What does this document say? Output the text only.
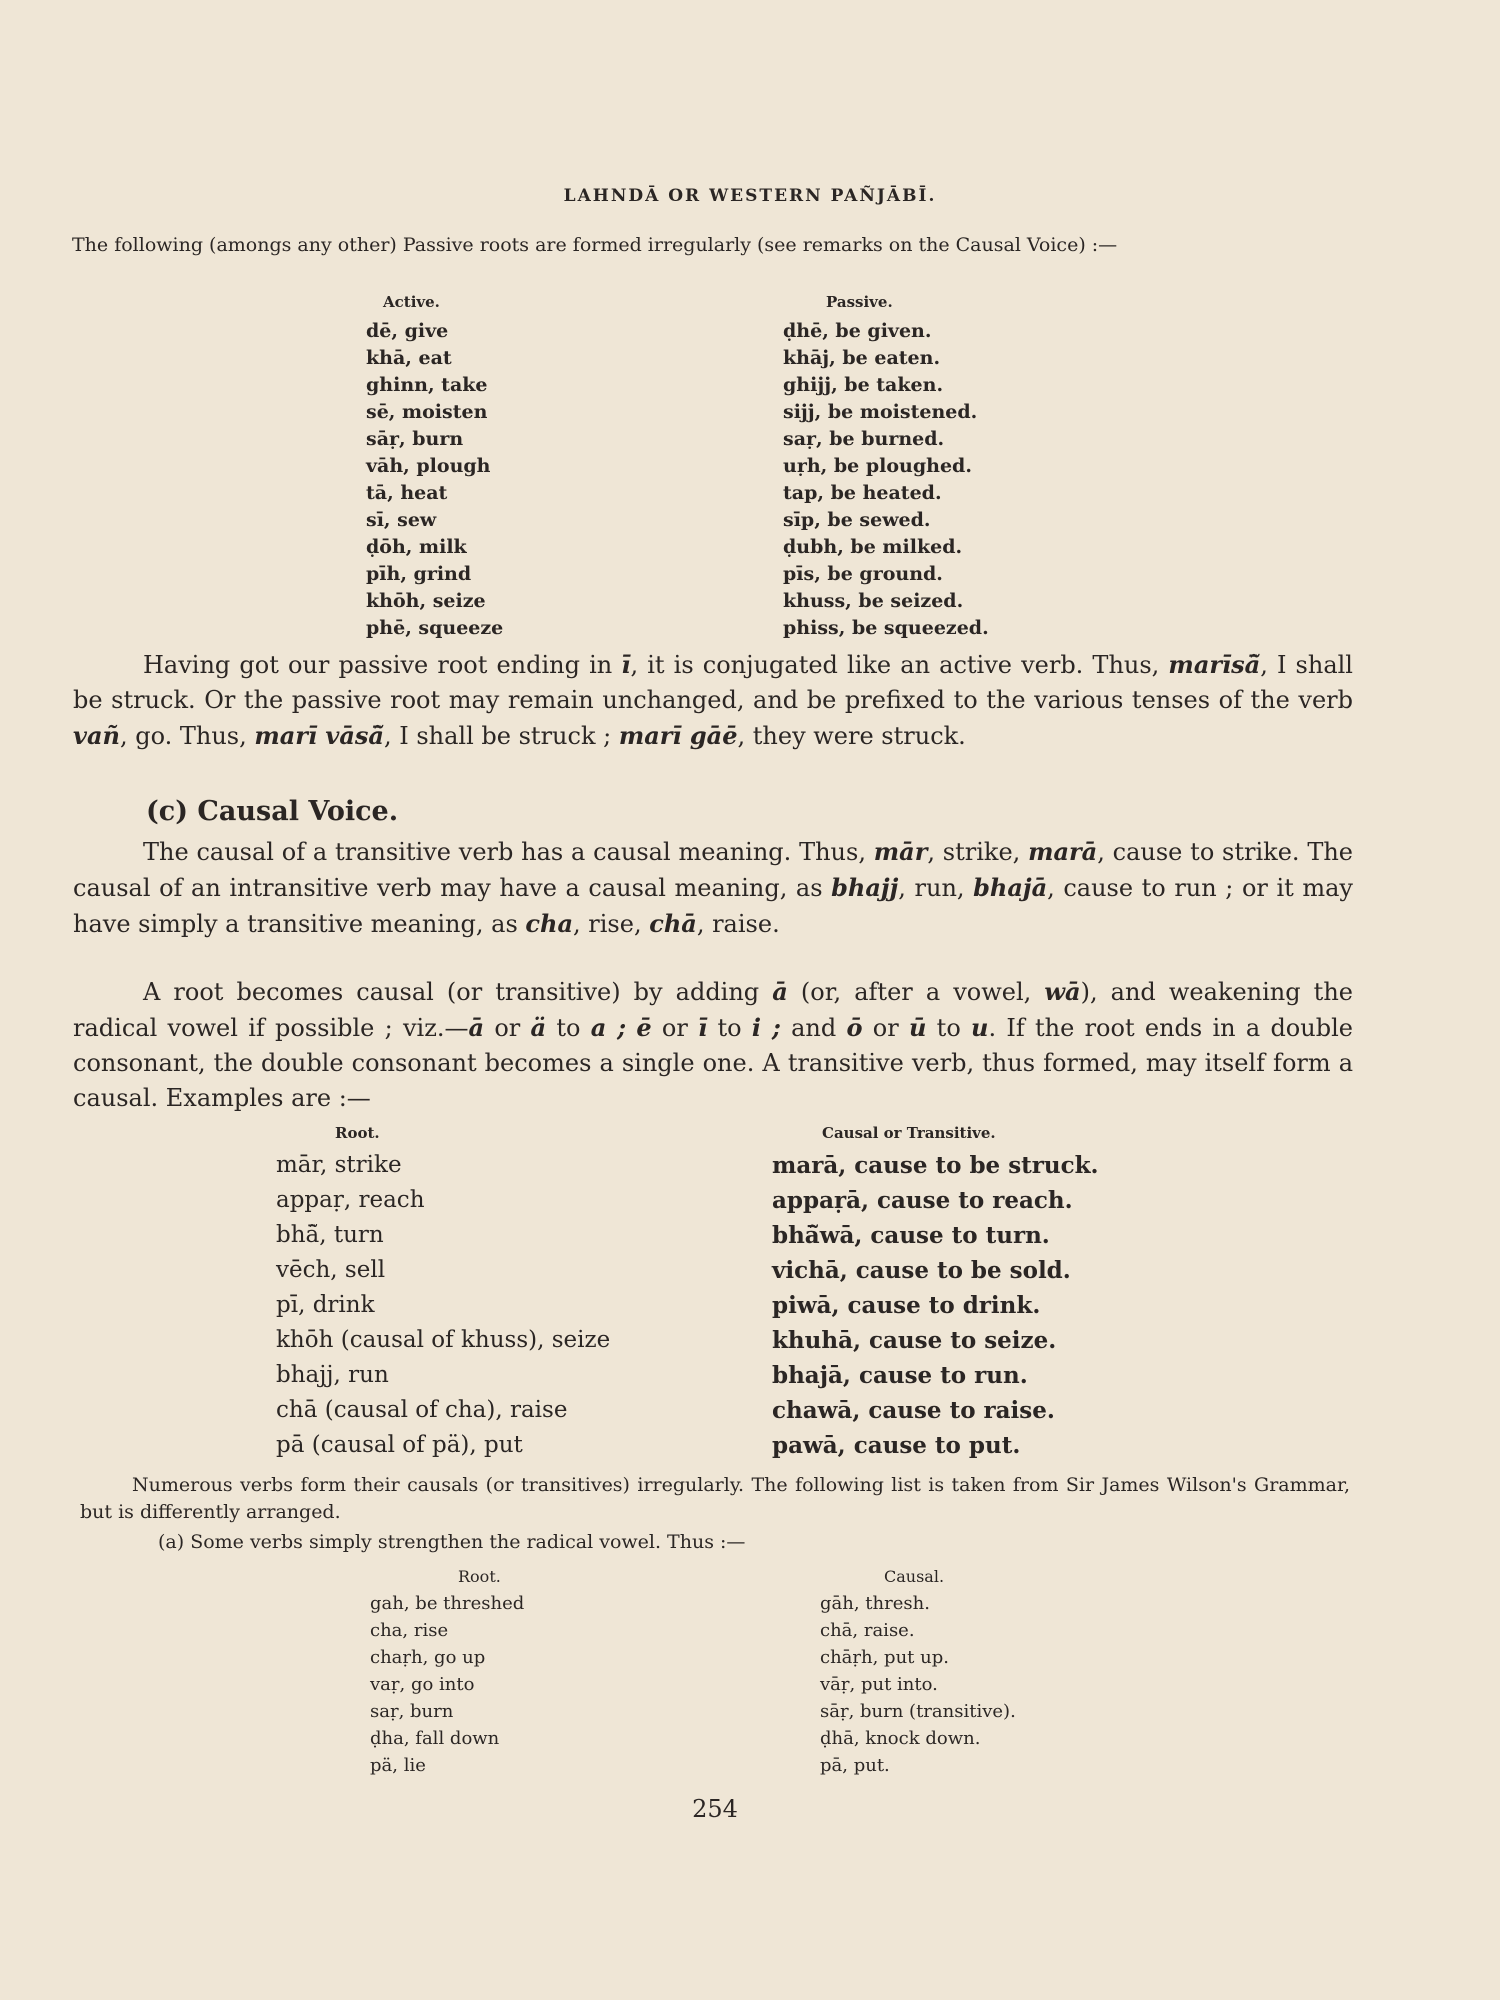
LAHNDĀ OR WESTERN PAÑJĀBĪ.
The following (amongs any other) Passive roots are formed irregularly (see remarks on the Causal Voice) :—
Active.	Passive.
dē, give	ḍhē, be given.
khā, eat	khāj, be eaten.
ghinn, take	ghijj, be taken.
sē, moisten	sijj, be moistened.
sāṛ, burn	saṛ, be burned.
vāh, plough	uṛh, be ploughed.
tā, heat	tap, be heated.
sī, sew	sīp, be sewed.
ḍōh, milk	ḍubh, be milked.
pīh, grind	pīs, be ground.
khōh, seize	khuss, be seized.
phē, squeeze	phiss, be squeezed.
Having got our passive root ending in ī, it is conjugated like an active verb. Thus, marīsā̃, I shall be struck. Or the passive root may remain unchanged, and be prefixed to the various tenses of the verb vañ, go. Thus, marī vāsā̃, I shall be struck ; marī gāē, they were struck.
(c) Causal Voice.
The causal of a transitive verb has a causal meaning. Thus, mār, strike, marā, cause to strike. The causal of an intransitive verb may have a causal meaning, as bhajj, run, bhajā, cause to run ; or it may have simply a transitive meaning, as cha, rise, chā, raise.
A root becomes causal (or transitive) by adding ā (or, after a vowel, wā), and weakening the radical vowel if possible ; viz.—ā or ä to a ; ē or ī to i ; and ō or ū to u. If the root ends in a double consonant, the double consonant becomes a single one. A transitive verb, thus formed, may itself form a causal. Examples are :—
Root.	Causal or Transitive.
mār, strike	marā, cause to be struck.
appaṛ, reach	appaṛā, cause to reach.
bhā̃, turn	bhā̃wā, cause to turn.
vēch, sell	vichā, cause to be sold.
pī, drink	piwā, cause to drink.
khōh (causal of khuss), seize	khuhā, cause to seize.
bhajj, run	bhajā, cause to run.
chā (causal of cha), raise	chawā, cause to raise.
pā (causal of pä), put	pawā, cause to put.
Numerous verbs form their causals (or transitives) irregularly. The following list is taken from Sir James Wilson's Grammar, but is differently arranged.
(a) Some verbs simply strengthen the radical vowel. Thus :—
Root.	Causal.
gah, be threshed	gāh, thresh.
cha, rise	chā, raise.
chaṛh, go up	chāṛh, put up.
vaṛ, go into	vāṛ, put into.
saṛ, burn	sāṛ, burn (transitive).
ḍha, fall down	ḍhā, knock down.
pä, lie	pā, put.
254
